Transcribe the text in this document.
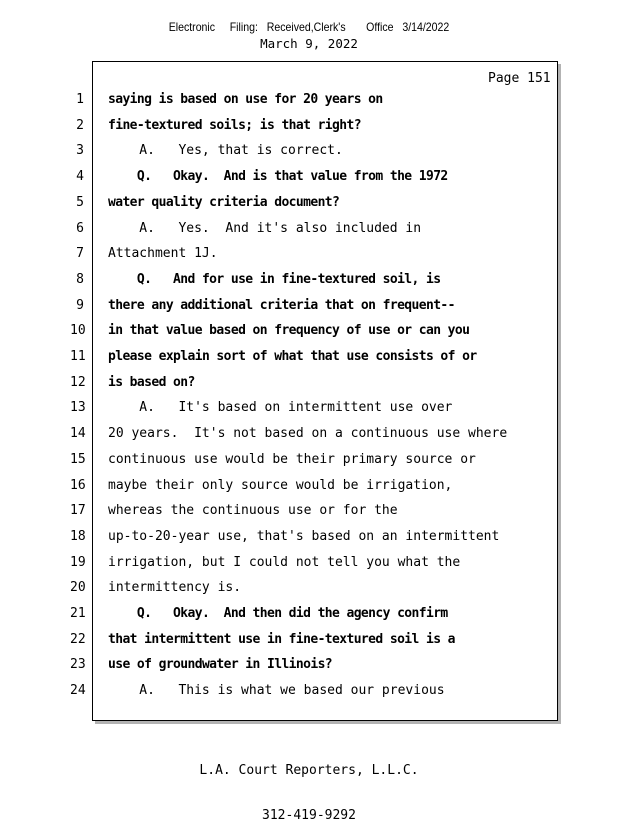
Electronic     Filing:   Received,Clerk's       Office   3/14/2022
March 9, 2022
Page 151
1 saying is based on use for 20 years on
2 fine-textured soils; is that right?
3 A.   Yes, that is correct.
4 Q.   Okay.  And is that value from the 1972
5 water quality criteria document?
6 A.   Yes.  And it's also included in
7 Attachment 1J.
8 Q.   And for use in fine-textured soil, is
9 there any additional criteria that on frequent--
10 in that value based on frequency of use or can you
11 please explain sort of what that use consists of or
12 is based on?
13 A.   It's based on intermittent use over
14 20 years.  It's not based on a continuous use where
15 continuous use would be their primary source or
16 maybe their only source would be irrigation,
17 whereas the continuous use or for the
18 up-to-20-year use, that's based on an intermittent
19 irrigation, but I could not tell you what the
20 intermittency is.
21 Q.   Okay.  And then did the agency confirm
22 that intermittent use in fine-textured soil is a
23 use of groundwater in Illinois?
24 A.   This is what we based our previous

L.A. Court Reporters, L.L.C.

312-419-9292
